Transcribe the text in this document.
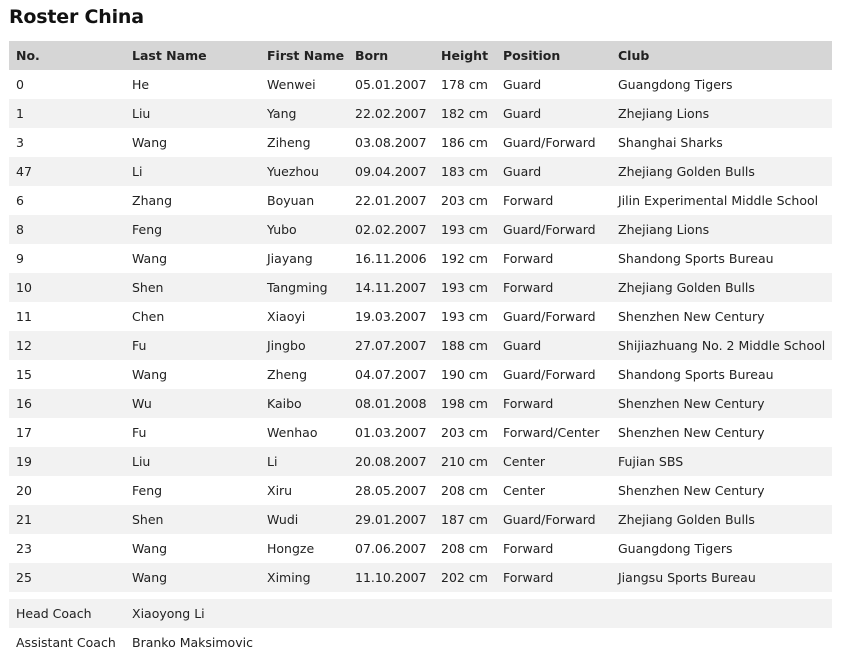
Roster China
No.	Last Name	First Name	Born	Height	Position	Club
0	He	Wenwei	05.01.2007	178 cm	Guard	Guangdong Tigers
1	Liu	Yang	22.02.2007	182 cm	Guard	Zhejiang Lions
3	Wang	Ziheng	03.08.2007	186 cm	Guard/Forward	Shanghai Sharks
47	Li	Yuezhou	09.04.2007	183 cm	Guard	Zhejiang Golden Bulls
6	Zhang	Boyuan	22.01.2007	203 cm	Forward	Jilin Experimental Middle School
8	Feng	Yubo	02.02.2007	193 cm	Guard/Forward	Zhejiang Lions
9	Wang	Jiayang	16.11.2006	192 cm	Forward	Shandong Sports Bureau
10	Shen	Tangming	14.11.2007	193 cm	Forward	Zhejiang Golden Bulls
11	Chen	Xiaoyi	19.03.2007	193 cm	Guard/Forward	Shenzhen New Century
12	Fu	Jingbo	27.07.2007	188 cm	Guard	Shijiazhuang No. 2 Middle School
15	Wang	Zheng	04.07.2007	190 cm	Guard/Forward	Shandong Sports Bureau
16	Wu	Kaibo	08.01.2008	198 cm	Forward	Shenzhen New Century
17	Fu	Wenhao	01.03.2007	203 cm	Forward/Center	Shenzhen New Century
19	Liu	Li	20.08.2007	210 cm	Center	Fujian SBS
20	Feng	Xiru	28.05.2007	208 cm	Center	Shenzhen New Century
21	Shen	Wudi	29.01.2007	187 cm	Guard/Forward	Zhejiang Golden Bulls
23	Wang	Hongze	07.06.2007	208 cm	Forward	Guangdong Tigers
25	Wang	Ximing	11.10.2007	202 cm	Forward	Jiangsu Sports Bureau
Head Coach	Xiaoyong Li
Assistant Coach	Branko Maksimovic
